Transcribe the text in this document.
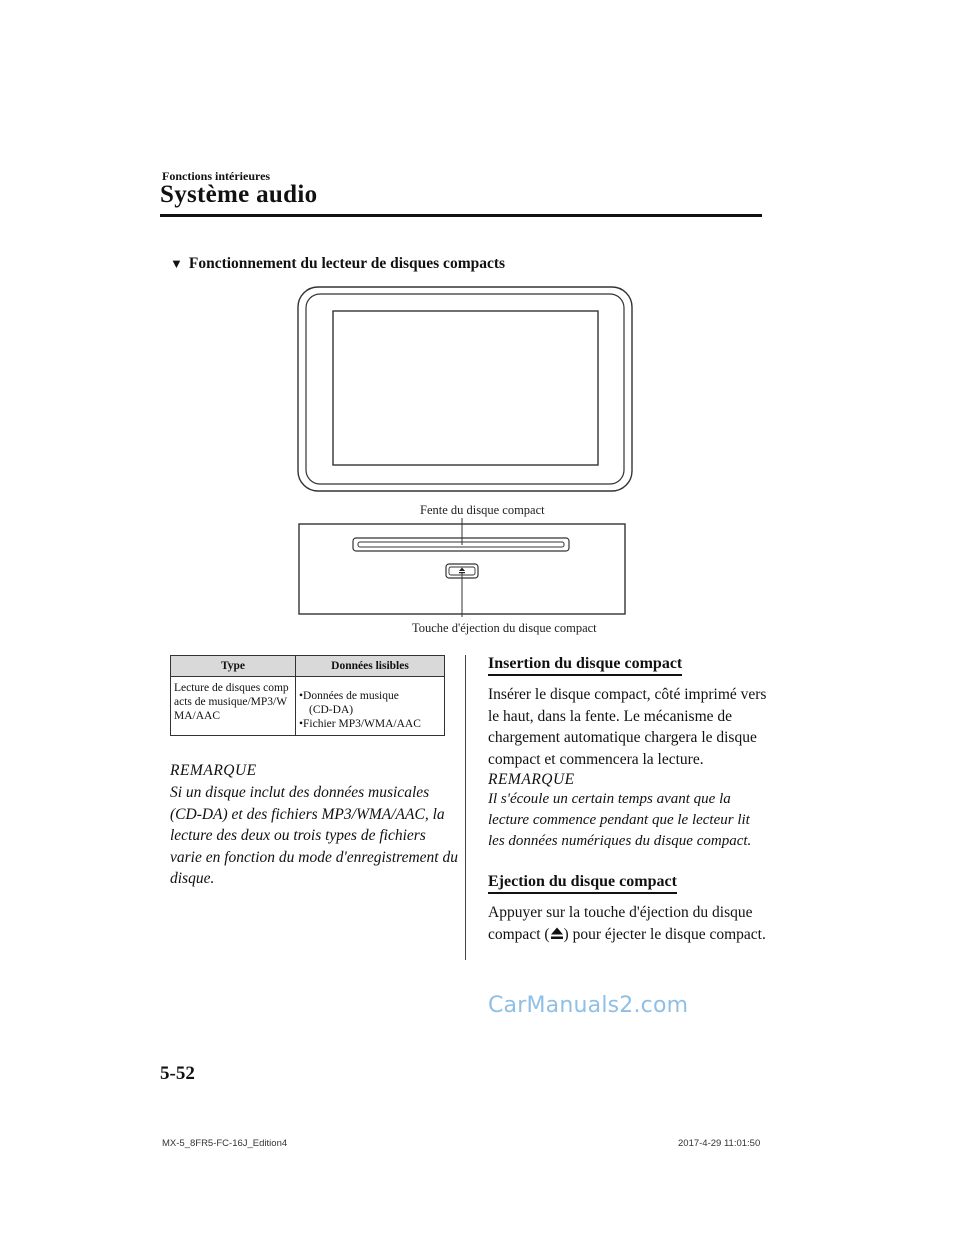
Fonctions intérieures
Système audio
▼ Fonctionnement du lecteur de disques compacts
Fente du disque compact
Touche d'éjection du disque compact
Type	Données lisibles
Lecture de disques compacts de musique/MP3/WMA/AAC	•Données de musique
(CD-DA)
•Fichier MP3/WMA/AAC
REMARQUE
Si un disque inclut des données musicales (CD-DA) et des fichiers MP3/WMA/AAC, la lecture des deux ou trois types de fichiers varie en fonction du mode d'enregistrement du disque.
Insertion du disque compact
Insérer le disque compact, côté imprimé vers le haut, dans la fente. Le mécanisme de chargement automatique chargera le disque compact et commencera la lecture.
REMARQUE
Il s'écoule un certain temps avant que la lecture commence pendant que le lecteur lit les données numériques du disque compact.
Ejection du disque compact
Appuyer sur la touche d'éjection du disque compact ( ) pour éjecter le disque compact.
CarManuals2.com
5-52
MX-5_8FR5-FC-16J_Edition4	2017-4-29 11:01:50
